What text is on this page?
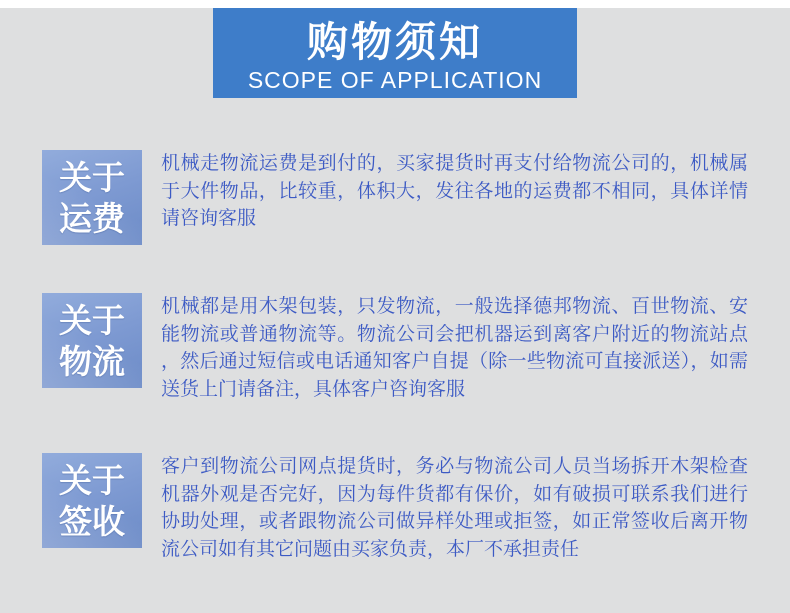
购物须知
SCOPE OF APPLICATION
关于
运费
机械走物流运费是到付的，买家提货时再支付给物流公司的，机械属于大件物品，比较重，体积大，发往各地的运费都不相同，具体详情请咨询客服
关于
物流
机械都是用木架包装，只发物流，一般选择德邦物流、百世物流、安能物流或普通物流等。物流公司会把机器运到离客户附近的物流站点，然后通过短信或电话通知客户自提（除一些物流可直接派送），如需送货上门请备注，具体客户咨询客服
关于
签收
客户到物流公司网点提货时，务必与物流公司人员当场拆开木架检查机器外观是否完好，因为每件货都有保价，如有破损可联系我们进行协助处理，或者跟物流公司做异样处理或拒签，如正常签收后离开物流公司如有其它问题由买家负责，本厂不承担责任
